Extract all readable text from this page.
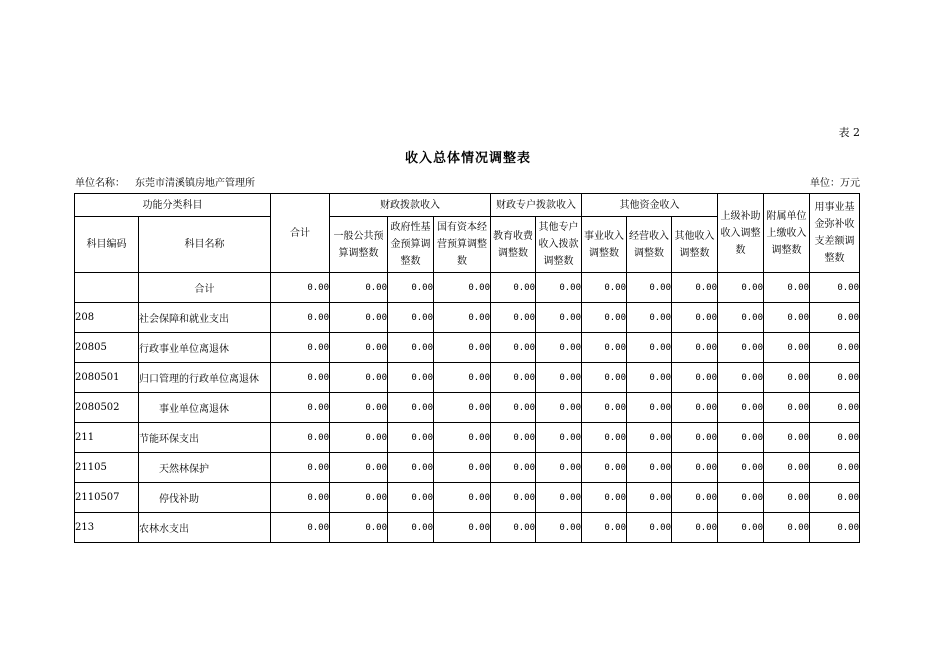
表 2
收入总体情况调整表
单位名称： 东莞市清溪镇房地产管理所	单位：万元
功能分类科目		合计	财政拨款收入			财政专户拨款收入		其他资金收入			上级补助收入调整数	附属单位上缴收入调整数	用事业基金弥补收支差额调整数
科目编码	科目名称		一般公共预算调整数	政府性基金预算调整数	国有资本经营预算调整数	教育收费调整数	其他专户收入拨款调整数	事业收入调整数	经营收入调整数	其他收入调整数			
	合计	0.00	0.00	0.00	0.00	0.00	0.00	0.00	0.00	0.00	0.00	0.00	0.00
208	社会保障和就业支出	0.00	0.00	0.00	0.00	0.00	0.00	0.00	0.00	0.00	0.00	0.00	0.00
20805	行政事业单位离退休	0.00	0.00	0.00	0.00	0.00	0.00	0.00	0.00	0.00	0.00	0.00	0.00
2080501	归口管理的行政单位离退休	0.00	0.00	0.00	0.00	0.00	0.00	0.00	0.00	0.00	0.00	0.00	0.00
2080502	事业单位离退休	0.00	0.00	0.00	0.00	0.00	0.00	0.00	0.00	0.00	0.00	0.00	0.00
211	节能环保支出	0.00	0.00	0.00	0.00	0.00	0.00	0.00	0.00	0.00	0.00	0.00	0.00
21105	天然林保护	0.00	0.00	0.00	0.00	0.00	0.00	0.00	0.00	0.00	0.00	0.00	0.00
2110507	停伐补助	0.00	0.00	0.00	0.00	0.00	0.00	0.00	0.00	0.00	0.00	0.00	0.00
213	农林水支出	0.00	0.00	0.00	0.00	0.00	0.00	0.00	0.00	0.00	0.00	0.00	0.00
